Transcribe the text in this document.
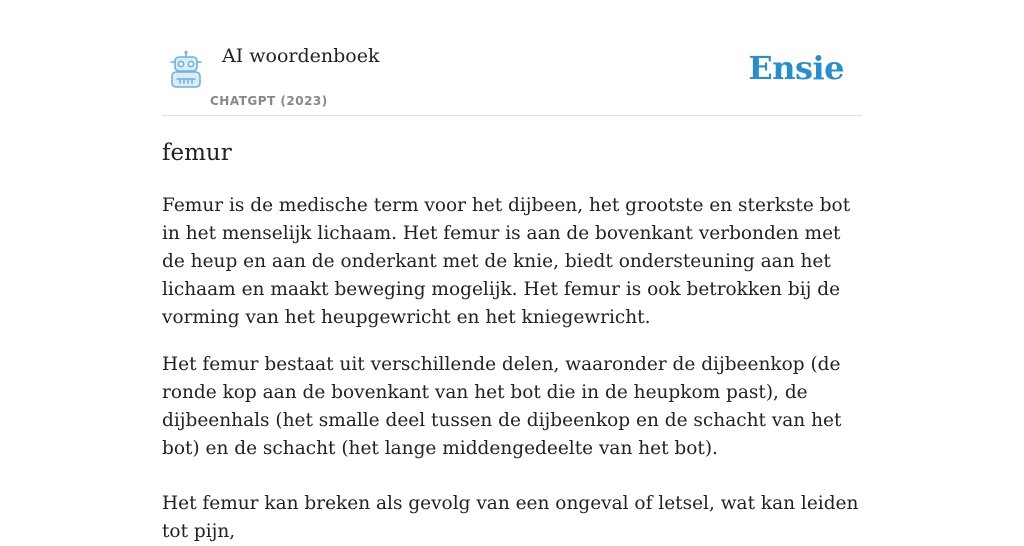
AI woordenboek
CHATGPT (2023)
Ensie
femur

Femur is de medische term voor het dijbeen, het grootste en sterkste bot in het menselijk lichaam. Het femur is aan de bovenkant verbonden met de heup en aan de onderkant met de knie, biedt ondersteuning aan het lichaam en maakt beweging mogelijk. Het femur is ook betrokken bij de vorming van het heupgewricht en het kniegewricht.

Het femur bestaat uit verschillende delen, waaronder de dijbeenkop (de ronde kop aan de bovenkant van het bot die in de heupkom past), de dijbeenhals (het smalle deel tussen de dijbeenkop en de schacht van het bot) en de schacht (het lange middengedeelte van het bot).

Het femur kan breken als gevolg van een ongeval of letsel, wat kan leiden tot pijn,
